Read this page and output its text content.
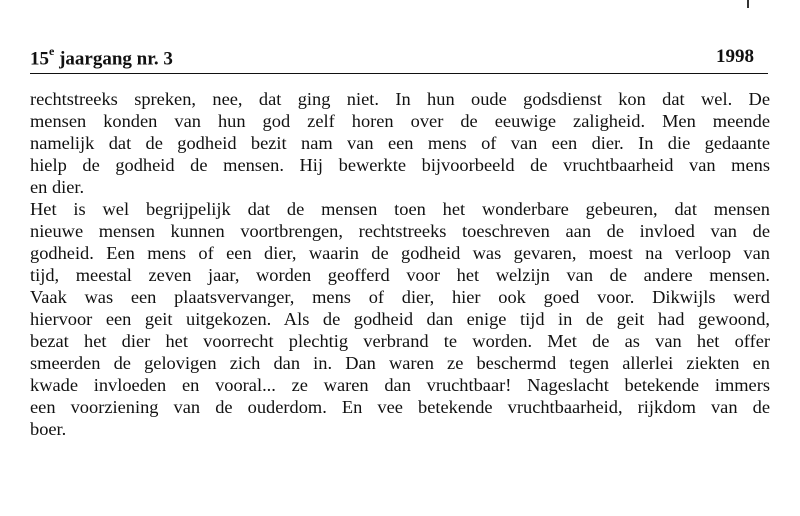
15e jaargang nr. 3	1998
rechtstreeks spreken, nee, dat ging niet. In hun oude godsdienst kon dat wel. De
mensen konden van hun god zelf horen over de eeuwige zaligheid. Men meende
namelijk dat de godheid bezit nam van een mens of van een dier. In die gedaante
hielp de godheid de mensen. Hij bewerkte bijvoorbeeld de vruchtbaarheid van mens
en dier.
Het is wel begrijpelijk dat de mensen toen het wonderbare gebeuren, dat mensen
nieuwe mensen kunnen voortbrengen, rechtstreeks toeschreven aan de invloed van de
godheid. Een mens of een dier, waarin de godheid was gevaren, moest na verloop van
tijd, meestal zeven jaar, worden geofferd voor het welzijn van de andere mensen.
Vaak was een plaatsvervanger, mens of dier, hier ook goed voor. Dikwijls werd
hiervoor een geit uitgekozen. Als de godheid dan enige tijd in de geit had gewoond,
bezat het dier het voorrecht plechtig verbrand te worden. Met de as van het offer
smeerden de gelovigen zich dan in. Dan waren ze beschermd tegen allerlei ziekten en
kwade invloeden en vooral... ze waren dan vruchtbaar! Nageslacht betekende immers
een voorziening van de ouderdom. En vee betekende vruchtbaarheid, rijkdom van de
boer.
